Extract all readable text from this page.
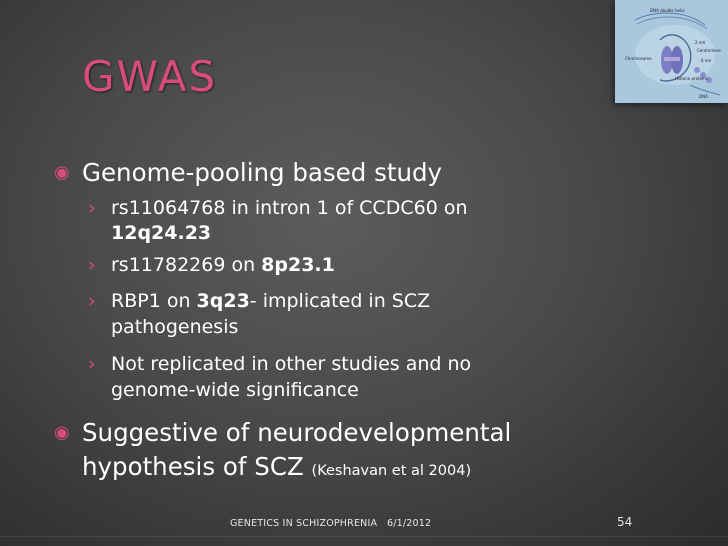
DNA double helix
2 nm
Centromere
Chromosome	6 nm
Histone proteins
DNA
GWAS
◉ Genome-pooling based study
› rs11064768 in intron 1 of CCDC60 on
12q24.23
› rs11782269 on 8p23.1
› RBP1 on 3q23- implicated in SCZ
pathogenesis
› Not replicated in other studies and no
genome-wide significance
◉ Suggestive of neurodevelopmental
hypothesis of SCZ (Keshavan et al 2004)
GENETICS IN SCHIZOPHRENIA 6/1/2012	54
